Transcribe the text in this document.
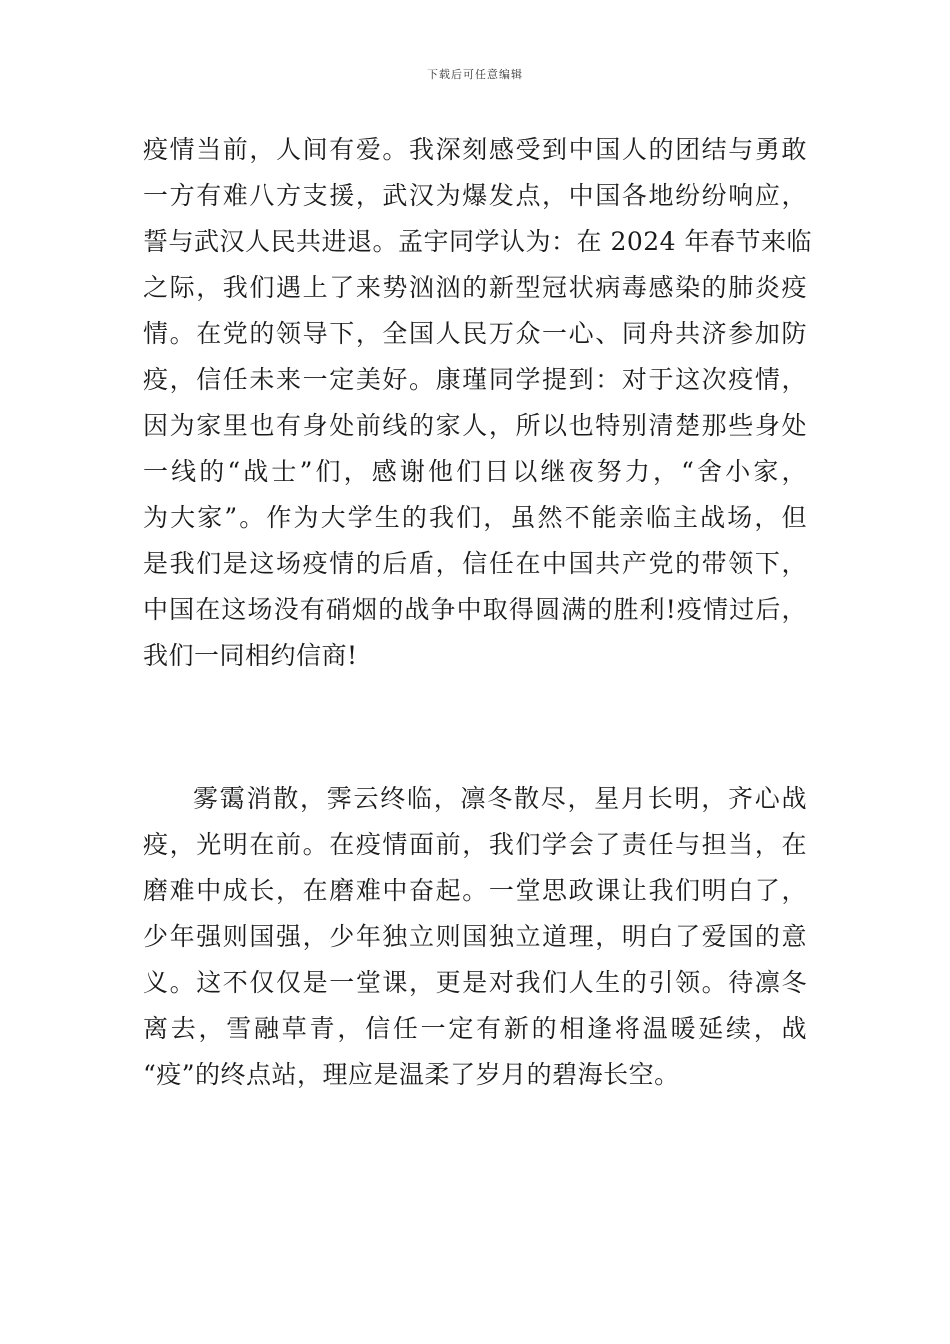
下载后可任意编辑
疫情当前，人间有爱。我深刻感受到中国人的团结与勇敢
一方有难八方支援，武汉为爆发点，中国各地纷纷响应，
誓与武汉人民共进退。孟宇同学认为：在 2024 年春节来临
之际，我们遇上了来势汹汹的新型冠状病毒感染的肺炎疫
情。在党的领导下，全国人民万众一心、同舟共济参加防
疫，信任未来一定美好。康瑾同学提到：对于这次疫情，
因为家里也有身处前线的家人，所以也特别清楚那些身处
一线的“战士”们，感谢他们日以继夜努力，“舍小家，
为大家”。作为大学生的我们，虽然不能亲临主战场，但
是我们是这场疫情的后盾，信任在中国共产党的带领下，
中国在这场没有硝烟的战争中取得圆满的胜利!疫情过后，
我们一同相约信商!
雾霭消散，霁云终临，凛冬散尽，星月长明，齐心战
疫，光明在前。在疫情面前，我们学会了责任与担当，在
磨难中成长，在磨难中奋起。一堂思政课让我们明白了，
少年强则国强，少年独立则国独立道理，明白了爱国的意
义。这不仅仅是一堂课，更是对我们人生的引领。待凛冬
离去，雪融草青，信任一定有新的相逢将温暖延续，战
“疫”的终点站，理应是温柔了岁月的碧海长空。
